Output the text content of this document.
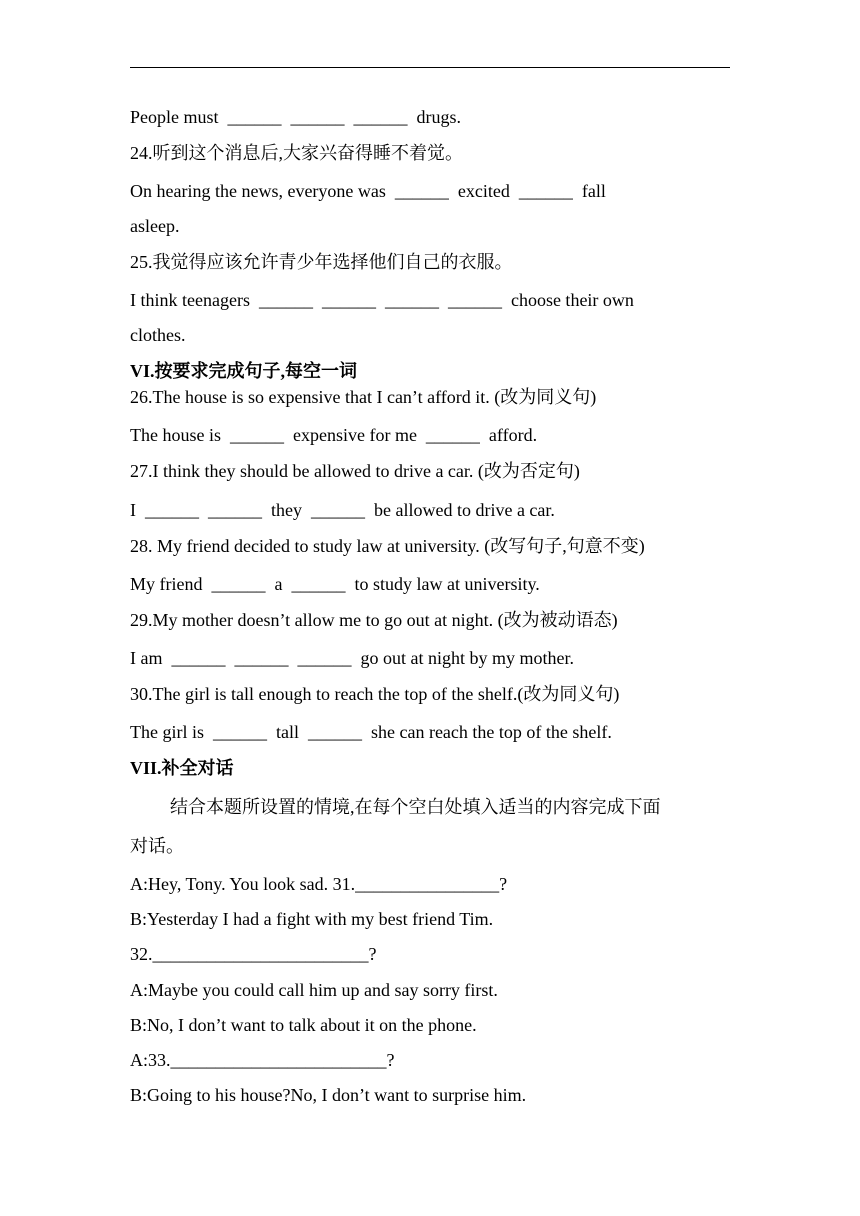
People must  ______  ______  ______  drugs.
24.听到这个消息后,大家兴奋得睡不着觉。
On hearing the news, everyone was  ______  excited  ______  fall
asleep.
25.我觉得应该允许青少年选择他们自己的衣服。
I think teenagers  ______  ______  ______  ______  choose their own
clothes.
VI.按要求完成句子,每空一词
26.The house is so expensive that I can’t afford it. (改为同义句)
The house is  ______  expensive for me  ______  afford.
27.I think they should be allowed to drive a car. (改为否定句)
I  ______  ______  they  ______  be allowed to drive a car.
28. My friend decided to study law at university. (改写句子,句意不变)
My friend  ______  a  ______  to study law at university.
29.My mother doesn’t allow me to go out at night. (改为被动语态)
I am  ______  ______  ______  go out at night by my mother.
30.The girl is tall enough to reach the top of the shelf.(改为同义句)
The girl is  ______  tall  ______  she can reach the top of the shelf.
VII.补全对话
结合本题所设置的情境,在每个空白处填入适当的内容完成下面
对话。
A:Hey, Tony. You look sad. 31.________________?
B:Yesterday I had a fight with my best friend Tim.
32.________________________?
A:Maybe you could call him up and say sorry first.
B:No, I don’t want to talk about it on the phone.
A:33.________________________?
B:Going to his house?No, I don’t want to surprise him.
